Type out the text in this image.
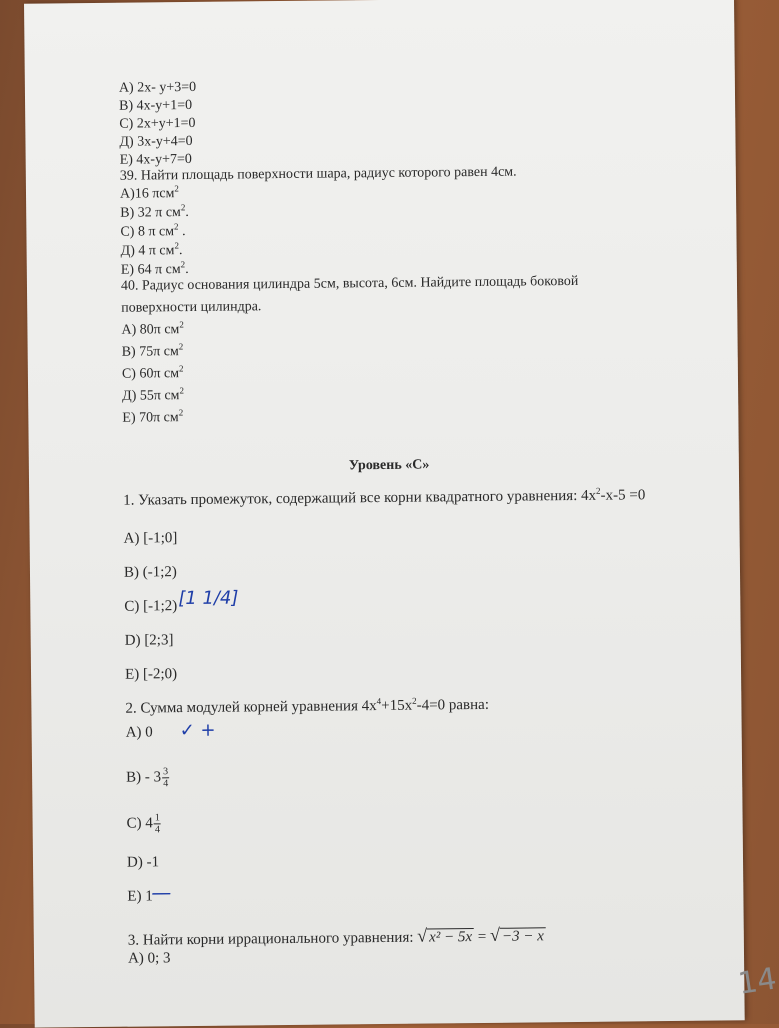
А) 2х- у+3=0
В) 4х-у+1=0
С) 2х+у+1=0
Д) 3х-у+4=0
Е) 4х-у+7=0
39. Найти площадь поверхности шара, радиус которого равен 4см.
А)16 πсм$^2$
В) 32 π $см^2$.
С) 8 π $см^2$ .
Д) 4 π $см^2$.
Е) 64 π $см^2$.
40. Радиус основания цилиндра 5см, высота, 6см. Найдите площадь боковой
поверхности цилиндра.
А) 80π $см^2$
В) 75π $см^2$
С) 60π $см^2$
Д) 55π $см^2$
Е) 70π $см^2$
Уровень «С»
1. Указать промежуток, содержащий все корни квадратного уравнения: $4х^2-х-5 =0$
A) [-1;0]
B) (-1;2)
C) [-1;2) [1 1/4]
D) [2;3]
E) [-2;0)
2. Сумма модулей корней уравнения $4х^4+15х^2-4=0$ равна:
A) 0 ✓ +
$B) - 3 \frac{3}{4}$
C) $4 \frac{1}{4}$
D) -1
E) 1
—
3. Найти корни иррационального уравнения: √ x² − 5x = √ −3 − x
A) 0; 3
14
